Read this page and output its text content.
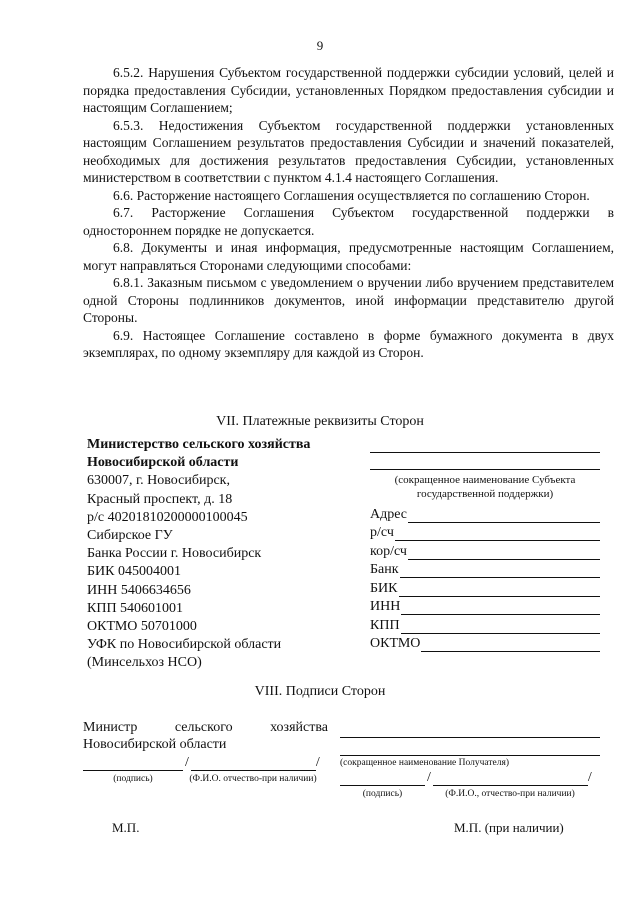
9

6.5.2. Нарушения Субъектом государственной поддержки субсидии условий, целей и порядка предоставления Субсидии, установленных Порядком предоставления субсидии и настоящим Соглашением;

6.5.3. Недостижения Субъектом государственной поддержки установленных настоящим Соглашением результатов предоставления Субсидии и значений показателей, необходимых для достижения результатов предоставления Субсидии, установленных министерством в соответствии с пунктом 4.1.4 настоящего Соглашения.

6.6. Расторжение настоящего Соглашения осуществляется по соглашению Сторон.

6.7. Расторжение Соглашения Субъектом государственной поддержки в одностороннем порядке не допускается.

6.8. Документы и иная информация, предусмотренные настоящим Соглашением, могут направляться Сторонами следующими способами:

6.8.1. Заказным письмом с уведомлением о вручении либо вручением представителем одной Стороны подлинников документов, иной информации представителю другой Стороны.

6.9. Настоящее Соглашение составлено в форме бумажного документа в двух экземплярах, по одному экземпляру для каждой из Сторон.

VII. Платежные реквизиты Сторон
Министерство сельского хозяйства
Новосибирской области
630007, г. Новосибирск,
Красный проспект, д. 18
р/с 40201810200000100045
Сибирское ГУ
Банка России г. Новосибирск
БИК 045004001
ИНН 5406634656
КПП 540601001
ОКТМО 50701000
УФК по Новосибирской области
(Минсельхоз НСО)
(сокращенное наименование Субъекта государственной поддержки)
Адрес
р/сч
кор/сч
Банк
БИК
ИНН
КПП
ОКТМО
VIII. Подписи Сторон
Министр	сельского	хозяйства
Новосибирской области
/	/
(подпись)	(Ф.И.О. отчество-при наличии)
(сокращенное наименование Получателя)
/	/
(подпись)	(Ф.И.О., отчество-при наличии)
М.П.	М.П. (при наличии)
